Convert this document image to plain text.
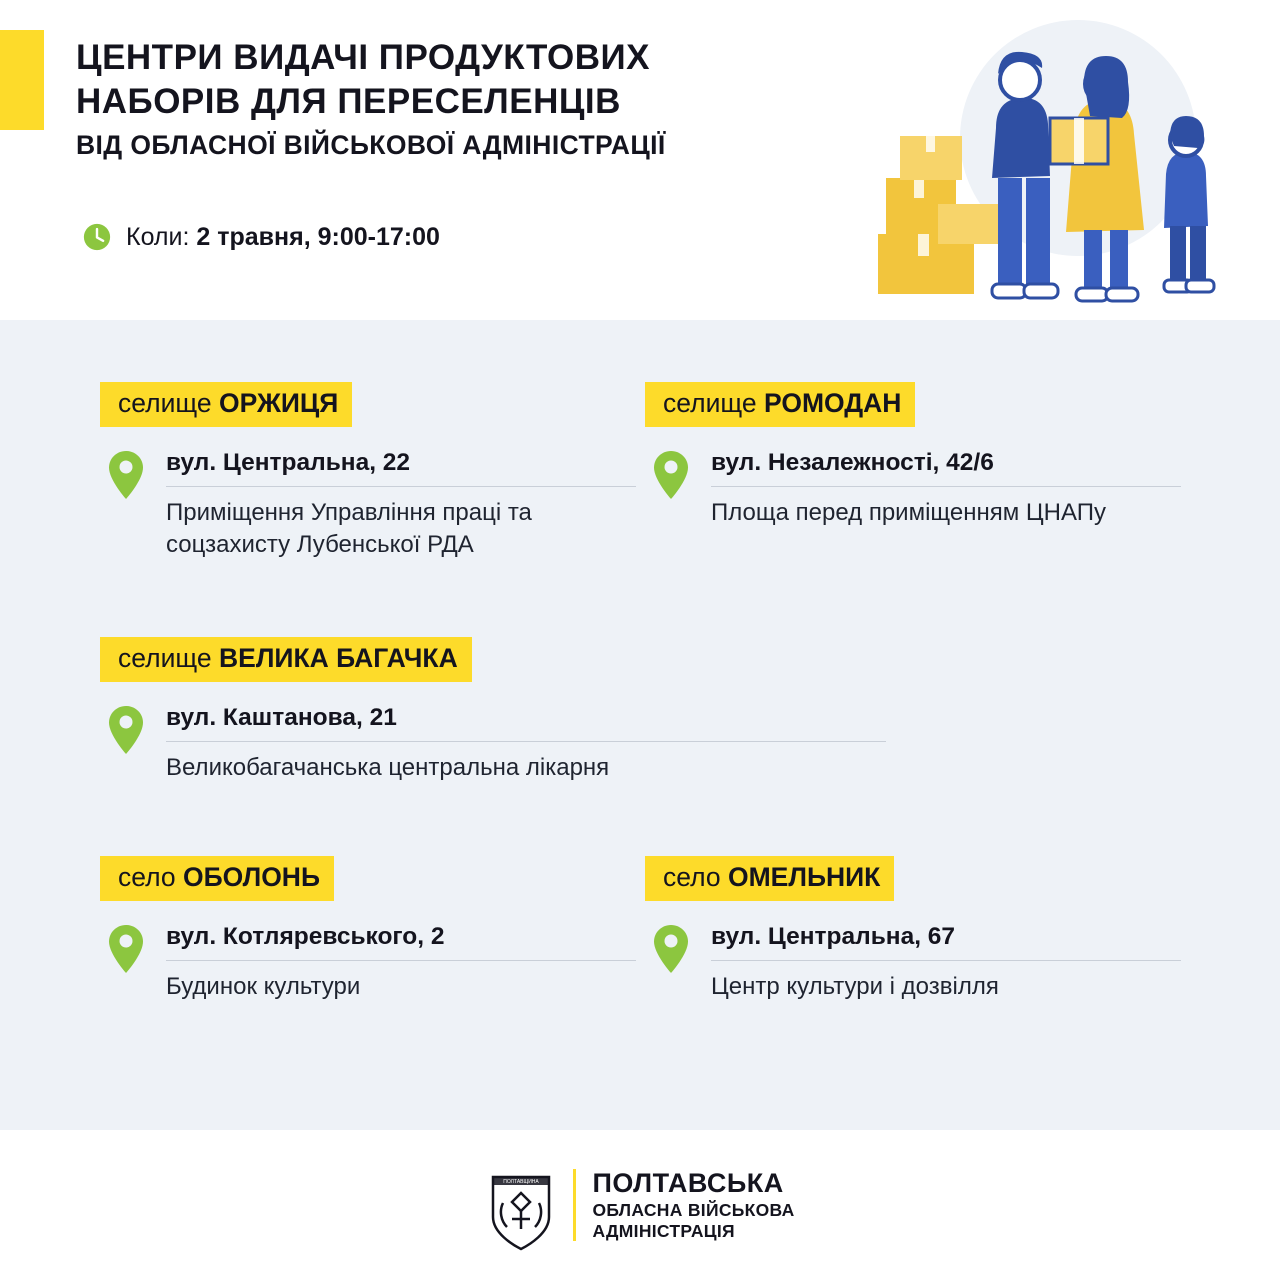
ЦЕНТРИ ВИДАЧІ ПРОДУКТОВИХ
НАБОРІВ ДЛЯ ПЕРЕСЕЛЕНЦІВ
ВІД ОБЛАСНОЇ ВІЙСЬКОВОЇ АДМІНІСТРАЦІЇ
Коли: 2 травня, 9:00-17:00
селище ОРЖИЦЯ
вул. Центральна, 22
Приміщення Управління праці та соцзахисту Лубенської РДА
селище РОМОДАН
вул. Незалежності, 42/6
Площа перед приміщенням ЦНАПу
селище ВЕЛИКА БАГАЧКА
вул. Каштанова, 21
Великобагачанська центральна лікарня
село ОБОЛОНЬ
вул. Котляревського, 2
Будинок культури
село ОМЕЛЬНИК
вул. Центральна, 67
Центр культури і дозвілля
ПОЛТАВЩИНА ПОЛТАВСЬКА
ОБЛАСНА ВІЙСЬКОВА
АДМІНІСТРАЦІЯ
